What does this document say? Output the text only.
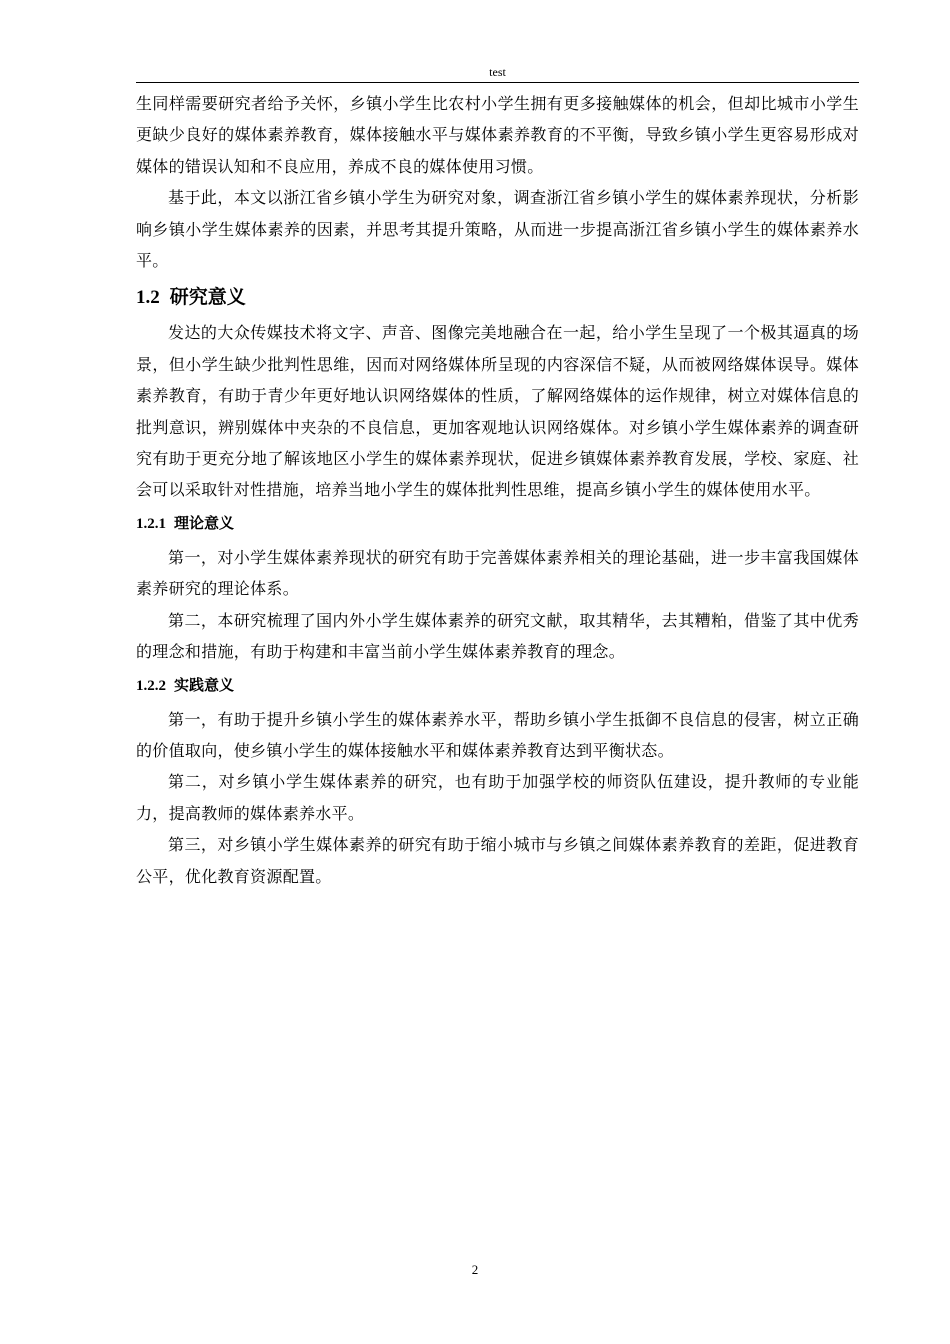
test

生同样需要研究者给予关怀，乡镇小学生比农村小学生拥有更多接触媒体的机会，但却比城市小学生更缺少良好的媒体素养教育，媒体接触水平与媒体素养教育的不平衡，导致乡镇小学生更容易形成对媒体的错误认知和不良应用，养成不良的媒体使用习惯。

基于此，本文以浙江省乡镇小学生为研究对象，调查浙江省乡镇小学生的媒体素养现状，分析影响乡镇小学生媒体素养的因素，并思考其提升策略，从而进一步提高浙江省乡镇小学生的媒体素养水平。

1.2 研究意义

发达的大众传媒技术将文字、声音、图像完美地融合在一起，给小学生呈现了一个极其逼真的场景，但小学生缺少批判性思维，因而对网络媒体所呈现的内容深信不疑，从而被网络媒体误导。媒体素养教育，有助于青少年更好地认识网络媒体的性质，了解网络媒体的运作规律，树立对媒体信息的批判意识，辨别媒体中夹杂的不良信息，更加客观地认识网络媒体。对乡镇小学生媒体素养的调查研究有助于更充分地了解该地区小学生的媒体素养现状，促进乡镇媒体素养教育发展，学校、家庭、社会可以采取针对性措施，培养当地小学生的媒体批判性思维，提高乡镇小学生的媒体使用水平。

1.2.1 理论意义

第一，对小学生媒体素养现状的研究有助于完善媒体素养相关的理论基础，进一步丰富我国媒体素养研究的理论体系。

第二，本研究梳理了国内外小学生媒体素养的研究文献，取其精华，去其糟粕，借鉴了其中优秀的理念和措施，有助于构建和丰富当前小学生媒体素养教育的理念。

1.2.2 实践意义

第一，有助于提升乡镇小学生的媒体素养水平，帮助乡镇小学生抵御不良信息的侵害，树立正确的价值取向，使乡镇小学生的媒体接触水平和媒体素养教育达到平衡状态。

第二，对乡镇小学生媒体素养的研究，也有助于加强学校的师资队伍建设，提升教师的专业能力，提高教师的媒体素养水平。

第三，对乡镇小学生媒体素养的研究有助于缩小城市与乡镇之间媒体素养教育的差距，促进教育公平，优化教育资源配置。

2
